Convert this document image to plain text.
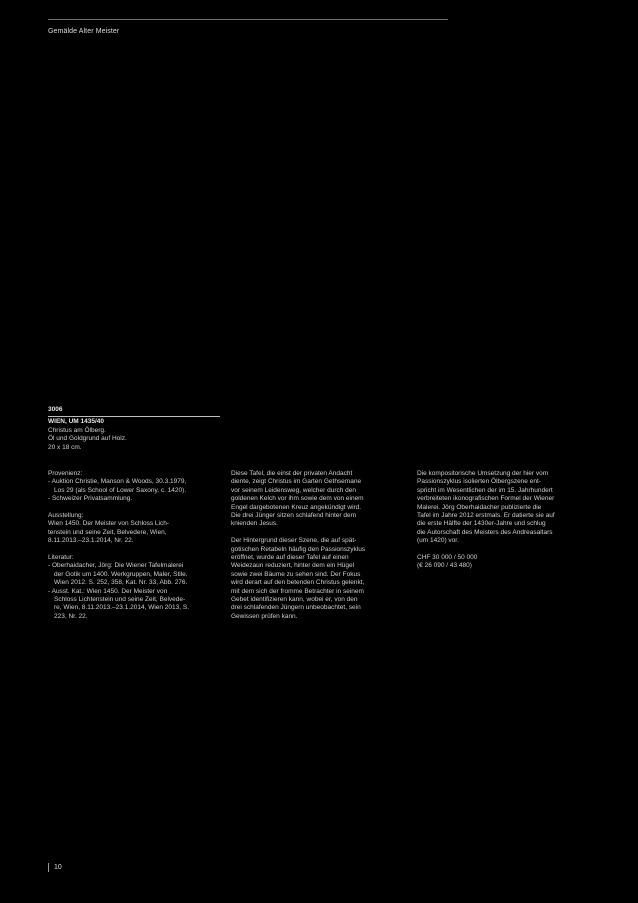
Gemälde Alter Meister
3006
WIEN, UM 1435/40
Christus am Ölberg.
Öl und Goldgrund auf Holz.
20 x 18 cm.
Provenienz:
- Auktion Christie, Manson & Woods, 30.3.1979,
Los 29 (als School of Lower Saxony, c. 1420).
- Schweizer Privatsammlung.
Ausstellung:
Wien 1450. Der Meister von Schloss Lich-
tenstein und seine Zeit, Belvedere, Wien,
8.11.2013.–23.1.2014, Nr. 22.
Literatur:
- Oberhaidacher, Jörg: Die Wiener Tafelmalerei
der Gotik um 1400. Werkgruppen, Maler, Stile.
Wien 2012. S. 252, 358, Kat. Nr. 33, Abb. 276.
- Ausst. Kat.: Wien 1450. Der Meister von
Schloss Lichtenstein und seine Zeit, Belvede-
re, Wien, 8.11.2013.–23.1.2014, Wien 2013, S.
223, Nr. 22.
Diese Tafel, die einst der privaten Andacht
diente, zeigt Christus im Garten Gethsemane
vor seinem Leidensweg, welcher durch den
goldenen Kelch vor ihm sowie dem von einem
Engel dargebotenen Kreuz angekündigt wird.
Die drei Jünger sitzen schlafend hinter dem
knienden Jesus.
Der Hintergrund dieser Szene, die auf spät-
gotischen Retabeln häufig den Passionszyklus
eröffnet, wurde auf dieser Tafel auf einen
Weidezaun reduziert, hinter dem ein Hügel
sowie zwei Bäume zu sehen sind. Der Fokus
wird derart auf den betenden Christus gelenkt,
mit dem sich der fromme Betrachter in seinem
Gebet identifizieren kann, wobei er, von den
drei schlafenden Jüngern unbeobachtet, sein
Gewissen prüfen kann.
Die kompositorische Umsetzung der hier vom
Passionszyklus isolierten Ölbergszene ent-
spricht im Wesentlichen der im 15. Jahrhundert
verbreiteten ikonografischen Formel der Wiener
Malerei. Jörg Oberhaidacher publizierte die
Tafel im Jahre 2012 erstmals. Er datierte sie auf
die erste Hälfte der 1430er-Jahre und schlug
die Autorschaft des Meisters des Andreasaltars
(um 1420) vor.
CHF 30 000 / 50 000
(€ 26 090 / 43 480)
10
